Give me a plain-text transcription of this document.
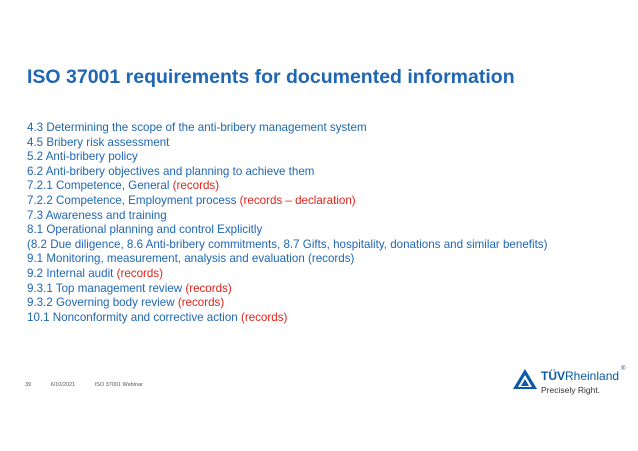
ISO 37001 requirements for documented information
4.3 Determining the scope of the anti-bribery management system
4.5 Bribery risk assessment
5.2 Anti-bribery policy
6.2 Anti-bribery objectives and planning to achieve them
7.2.1 Competence, General (records)
7.2.2 Competence, Employment process (records – declaration)
7.3 Awareness and training
8.1 Operational planning and control Explicitly
(8.2 Due diligence, 8.6 Anti-bribery commitments, 8.7 Gifts, hospitality, donations and similar benefits)
9.1 Monitoring, measurement, analysis and evaluation (records)
9.2 Internal audit (records)
9.3.1 Top management review (records)
9.3.2 Governing body review (records)
10.1 Nonconformity and corrective action (records)
39	6/10/2021	ISO 37001 Webinar
TÜVRheinland ®
Precisely Right.
